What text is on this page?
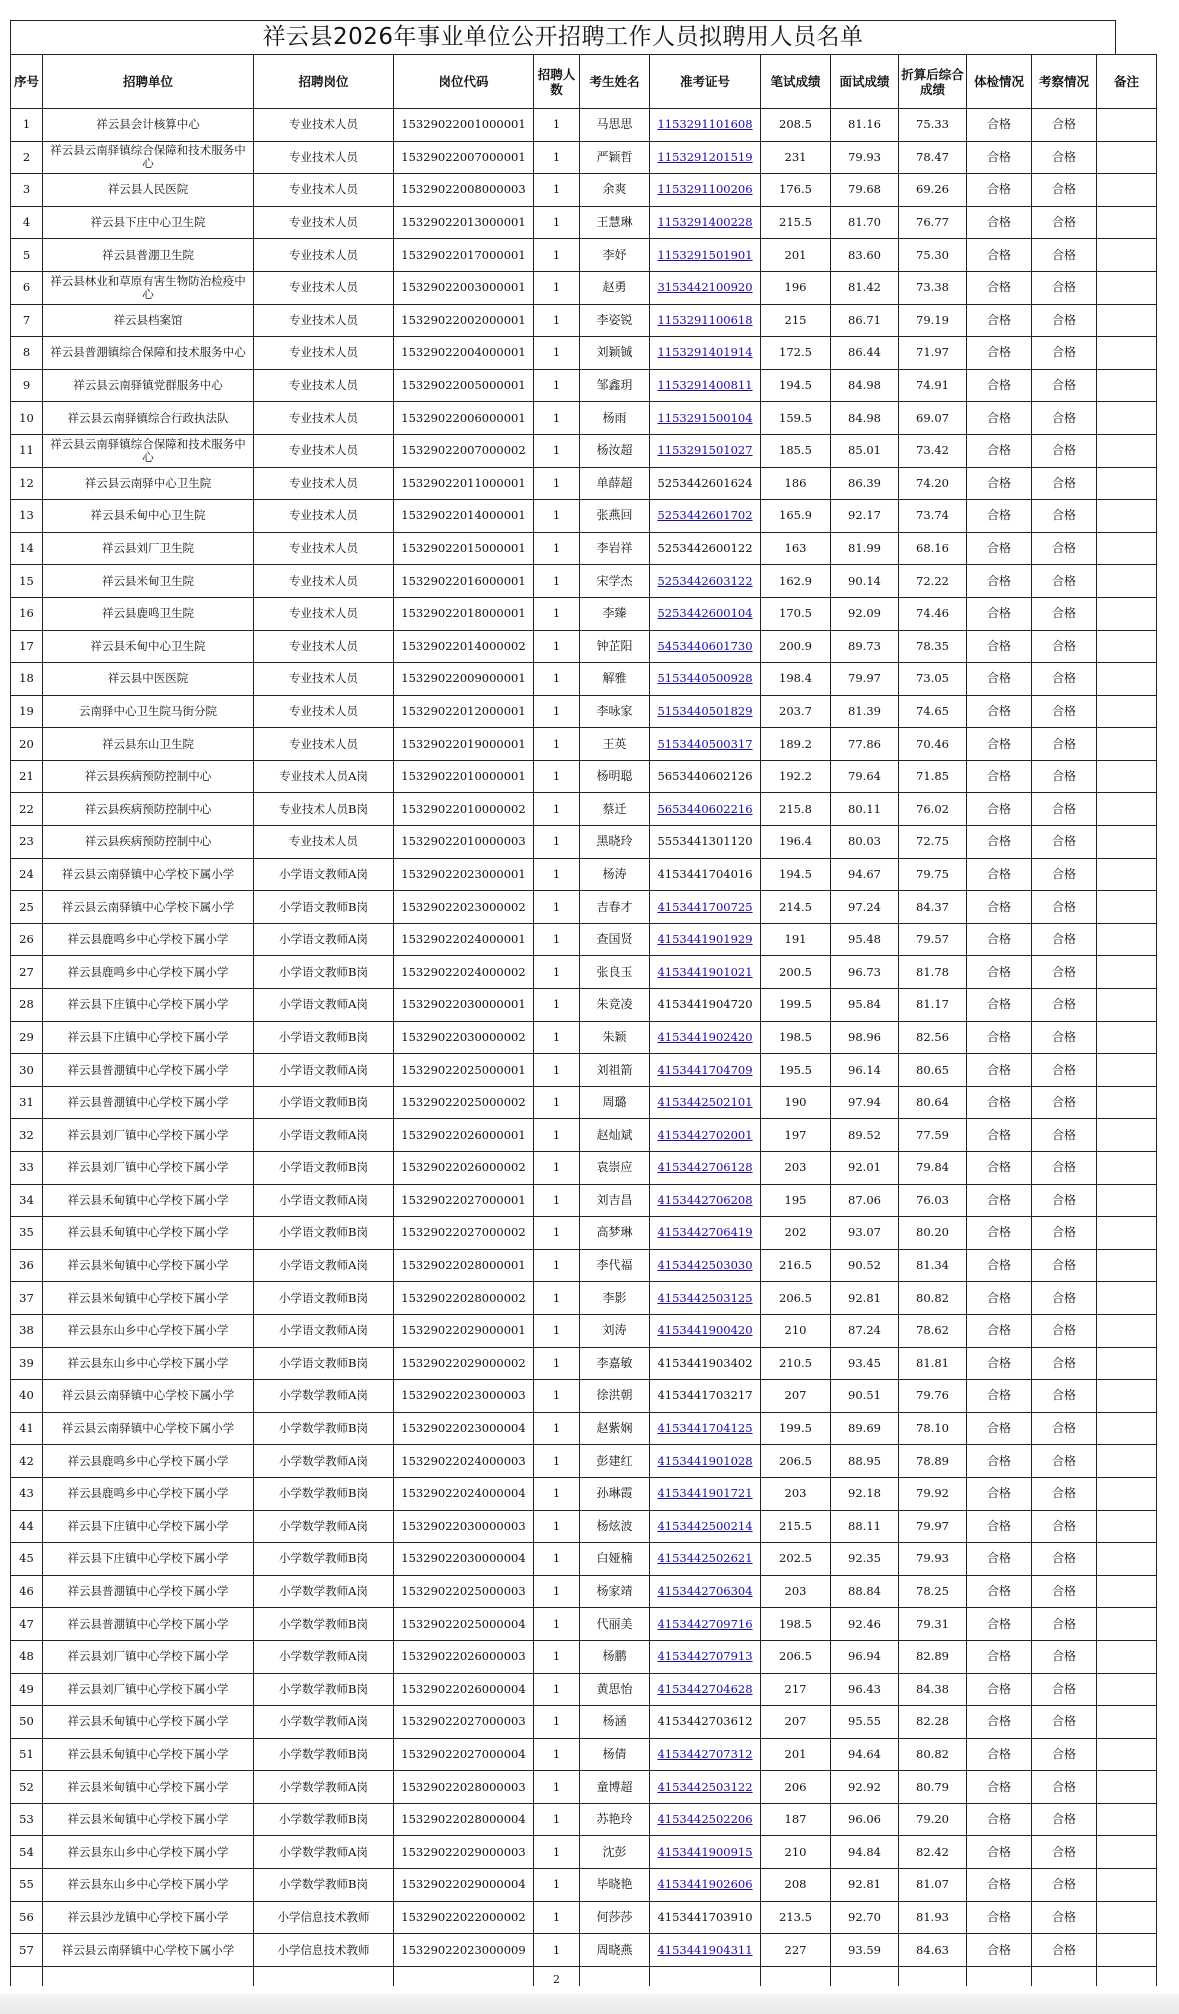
祥云县2026年事业单位公开招聘工作人员拟聘用人员名单
序号	招聘单位	招聘岗位	岗位代码	招聘人数	考生姓名	准考证号	笔试成绩	面试成绩	折算后综合成绩	体检情况	考察情况	备注
1	祥云县会计核算中心	专业技术人员	15329022001000001	1	马思思	1153291101608	208.5	81.16	75.33	合格	合格	
2	祥云县云南驿镇综合保障和技术服务中心	专业技术人员	15329022007000001	1	严颖哲	1153291201519	231	79.93	78.47	合格	合格	
3	祥云县人民医院	专业技术人员	15329022008000003	1	余爽	1153291100206	176.5	79.68	69.26	合格	合格	
4	祥云县下庄中心卫生院	专业技术人员	15329022013000001	1	王慧琳	1153291400228	215.5	81.70	76.77	合格	合格	
5	祥云县普淜卫生院	专业技术人员	15329022017000001	1	李妤	1153291501901	201	83.60	75.30	合格	合格	
6	祥云县林业和草原有害生物防治检疫中心	专业技术人员	15329022003000001	1	赵勇	3153442100920	196	81.42	73.38	合格	合格	
7	祥云县档案馆	专业技术人员	15329022002000001	1	李姿锐	1153291100618	215	86.71	79.19	合格	合格	
8	祥云县普淜镇综合保障和技术服务中心	专业技术人员	15329022004000001	1	刘颖铖	1153291401914	172.5	86.44	71.97	合格	合格	
9	祥云县云南驿镇党群服务中心	专业技术人员	15329022005000001	1	邹鑫玥	1153291400811	194.5	84.98	74.91	合格	合格	
10	祥云县云南驿镇综合行政执法队	专业技术人员	15329022006000001	1	杨雨	1153291500104	159.5	84.98	69.07	合格	合格	
11	祥云县云南驿镇综合保障和技术服务中心	专业技术人员	15329022007000002	1	杨汝超	1153291501027	185.5	85.01	73.42	合格	合格	
12	祥云县云南驿中心卫生院	专业技术人员	15329022011000001	1	单薛超	5253442601624	186	86.39	74.20	合格	合格	
13	祥云县禾甸中心卫生院	专业技术人员	15329022014000001	1	张燕回	5253442601702	165.9	92.17	73.74	合格	合格	
14	祥云县刘厂卫生院	专业技术人员	15329022015000001	1	李岩祥	5253442600122	163	81.99	68.16	合格	合格	
15	祥云县米甸卫生院	专业技术人员	15329022016000001	1	宋学杰	5253442603122	162.9	90.14	72.22	合格	合格	
16	祥云县鹿鸣卫生院	专业技术人员	15329022018000001	1	李臻	5253442600104	170.5	92.09	74.46	合格	合格	
17	祥云县禾甸中心卫生院	专业技术人员	15329022014000002	1	钟芷阳	5453440601730	200.9	89.73	78.35	合格	合格	
18	祥云县中医医院	专业技术人员	15329022009000001	1	解雅	5153440500928	198.4	79.97	73.05	合格	合格	
19	云南驿中心卫生院马街分院	专业技术人员	15329022012000001	1	李咏家	5153440501829	203.7	81.39	74.65	合格	合格	
20	祥云县东山卫生院	专业技术人员	15329022019000001	1	王英	5153440500317	189.2	77.86	70.46	合格	合格	
21	祥云县疾病预防控制中心	专业技术人员A岗	15329022010000001	1	杨明聪	5653440602126	192.2	79.64	71.85	合格	合格	
22	祥云县疾病预防控制中心	专业技术人员B岗	15329022010000002	1	蔡迁	5653440602216	215.8	80.11	76.02	合格	合格	
23	祥云县疾病预防控制中心	专业技术人员	15329022010000003	1	黑晓玲	5553441301120	196.4	80.03	72.75	合格	合格	
24	祥云县云南驿镇中心学校下属小学	小学语文教师A岗	15329022023000001	1	杨涛	4153441704016	194.5	94.67	79.75	合格	合格	
25	祥云县云南驿镇中心学校下属小学	小学语文教师B岗	15329022023000002	1	吉春才	4153441700725	214.5	97.24	84.37	合格	合格	
26	祥云县鹿鸣乡中心学校下属小学	小学语文教师A岗	15329022024000001	1	查国贤	4153441901929	191	95.48	79.57	合格	合格	
27	祥云县鹿鸣乡中心学校下属小学	小学语文教师B岗	15329022024000002	1	张良玉	4153441901021	200.5	96.73	81.78	合格	合格	
28	祥云县下庄镇中心学校下属小学	小学语文教师A岗	15329022030000001	1	朱竞凌	4153441904720	199.5	95.84	81.17	合格	合格	
29	祥云县下庄镇中心学校下属小学	小学语文教师B岗	15329022030000002	1	朱颖	4153441902420	198.5	98.96	82.56	合格	合格	
30	祥云县普淜镇中心学校下属小学	小学语文教师A岗	15329022025000001	1	刘祖箭	4153441704709	195.5	96.14	80.65	合格	合格	
31	祥云县普淜镇中心学校下属小学	小学语文教师B岗	15329022025000002	1	周璐	4153442502101	190	97.94	80.64	合格	合格	
32	祥云县刘厂镇中心学校下属小学	小学语文教师A岗	15329022026000001	1	赵灿斌	4153442702001	197	89.52	77.59	合格	合格	
33	祥云县刘厂镇中心学校下属小学	小学语文教师B岗	15329022026000002	1	袁崇应	4153442706128	203	92.01	79.84	合格	合格	
34	祥云县禾甸镇中心学校下属小学	小学语文教师A岗	15329022027000001	1	刘吉昌	4153442706208	195	87.06	76.03	合格	合格	
35	祥云县禾甸镇中心学校下属小学	小学语文教师B岗	15329022027000002	1	高梦琳	4153442706419	202	93.07	80.20	合格	合格	
36	祥云县米甸镇中心学校下属小学	小学语文教师A岗	15329022028000001	1	李代福	4153442503030	216.5	90.52	81.34	合格	合格	
37	祥云县米甸镇中心学校下属小学	小学语文教师B岗	15329022028000002	1	李影	4153442503125	206.5	92.81	80.82	合格	合格	
38	祥云县东山乡中心学校下属小学	小学语文教师A岗	15329022029000001	1	刘涛	4153441900420	210	87.24	78.62	合格	合格	
39	祥云县东山乡中心学校下属小学	小学语文教师B岗	15329022029000002	1	李嘉敏	4153441903402	210.5	93.45	81.81	合格	合格	
40	祥云县云南驿镇中心学校下属小学	小学数学教师A岗	15329022023000003	1	徐洪朝	4153441703217	207	90.51	79.76	合格	合格	
41	祥云县云南驿镇中心学校下属小学	小学数学教师B岗	15329022023000004	1	赵紫娴	4153441704125	199.5	89.69	78.10	合格	合格	
42	祥云县鹿鸣乡中心学校下属小学	小学数学教师A岗	15329022024000003	1	彭建红	4153441901028	206.5	88.95	78.89	合格	合格	
43	祥云县鹿鸣乡中心学校下属小学	小学数学教师B岗	15329022024000004	1	孙琳霞	4153441901721	203	92.18	79.92	合格	合格	
44	祥云县下庄镇中心学校下属小学	小学数学教师A岗	15329022030000003	1	杨炫波	4153442500214	215.5	88.11	79.97	合格	合格	
45	祥云县下庄镇中心学校下属小学	小学数学教师B岗	15329022030000004	1	白娅楠	4153442502621	202.5	92.35	79.93	合格	合格	
46	祥云县普淜镇中心学校下属小学	小学数学教师A岗	15329022025000003	1	杨家靖	4153442706304	203	88.84	78.25	合格	合格	
47	祥云县普淜镇中心学校下属小学	小学数学教师B岗	15329022025000004	1	代丽美	4153442709716	198.5	92.46	79.31	合格	合格	
48	祥云县刘厂镇中心学校下属小学	小学数学教师A岗	15329022026000003	1	杨鹏	4153442707913	206.5	96.94	82.89	合格	合格	
49	祥云县刘厂镇中心学校下属小学	小学数学教师B岗	15329022026000004	1	黄思怡	4153442704628	217	96.43	84.38	合格	合格	
50	祥云县禾甸镇中心学校下属小学	小学数学教师A岗	15329022027000003	1	杨涵	4153442703612	207	95.55	82.28	合格	合格	
51	祥云县禾甸镇中心学校下属小学	小学数学教师B岗	15329022027000004	1	杨倩	4153442707312	201	94.64	80.82	合格	合格	
52	祥云县米甸镇中心学校下属小学	小学数学教师A岗	15329022028000003	1	童博超	4153442503122	206	92.92	80.79	合格	合格	
53	祥云县米甸镇中心学校下属小学	小学数学教师B岗	15329022028000004	1	苏艳玲	4153442502206	187	96.06	79.20	合格	合格	
54	祥云县东山乡中心学校下属小学	小学数学教师A岗	15329022029000003	1	沈彭	4153441900915	210	94.84	82.42	合格	合格	
55	祥云县东山乡中心学校下属小学	小学数学教师B岗	15329022029000004	1	毕晓艳	4153441902606	208	92.81	81.07	合格	合格	
56	祥云县沙龙镇中心学校下属小学	小学信息技术教师	15329022022000002	1	何莎莎	4153441703910	213.5	92.70	81.93	合格	合格	
57	祥云县云南驿镇中心学校下属小学	小学信息技术教师	15329022023000009	1	周晓燕	4153441904311	227	93.59	84.63	合格	合格	
				2								
